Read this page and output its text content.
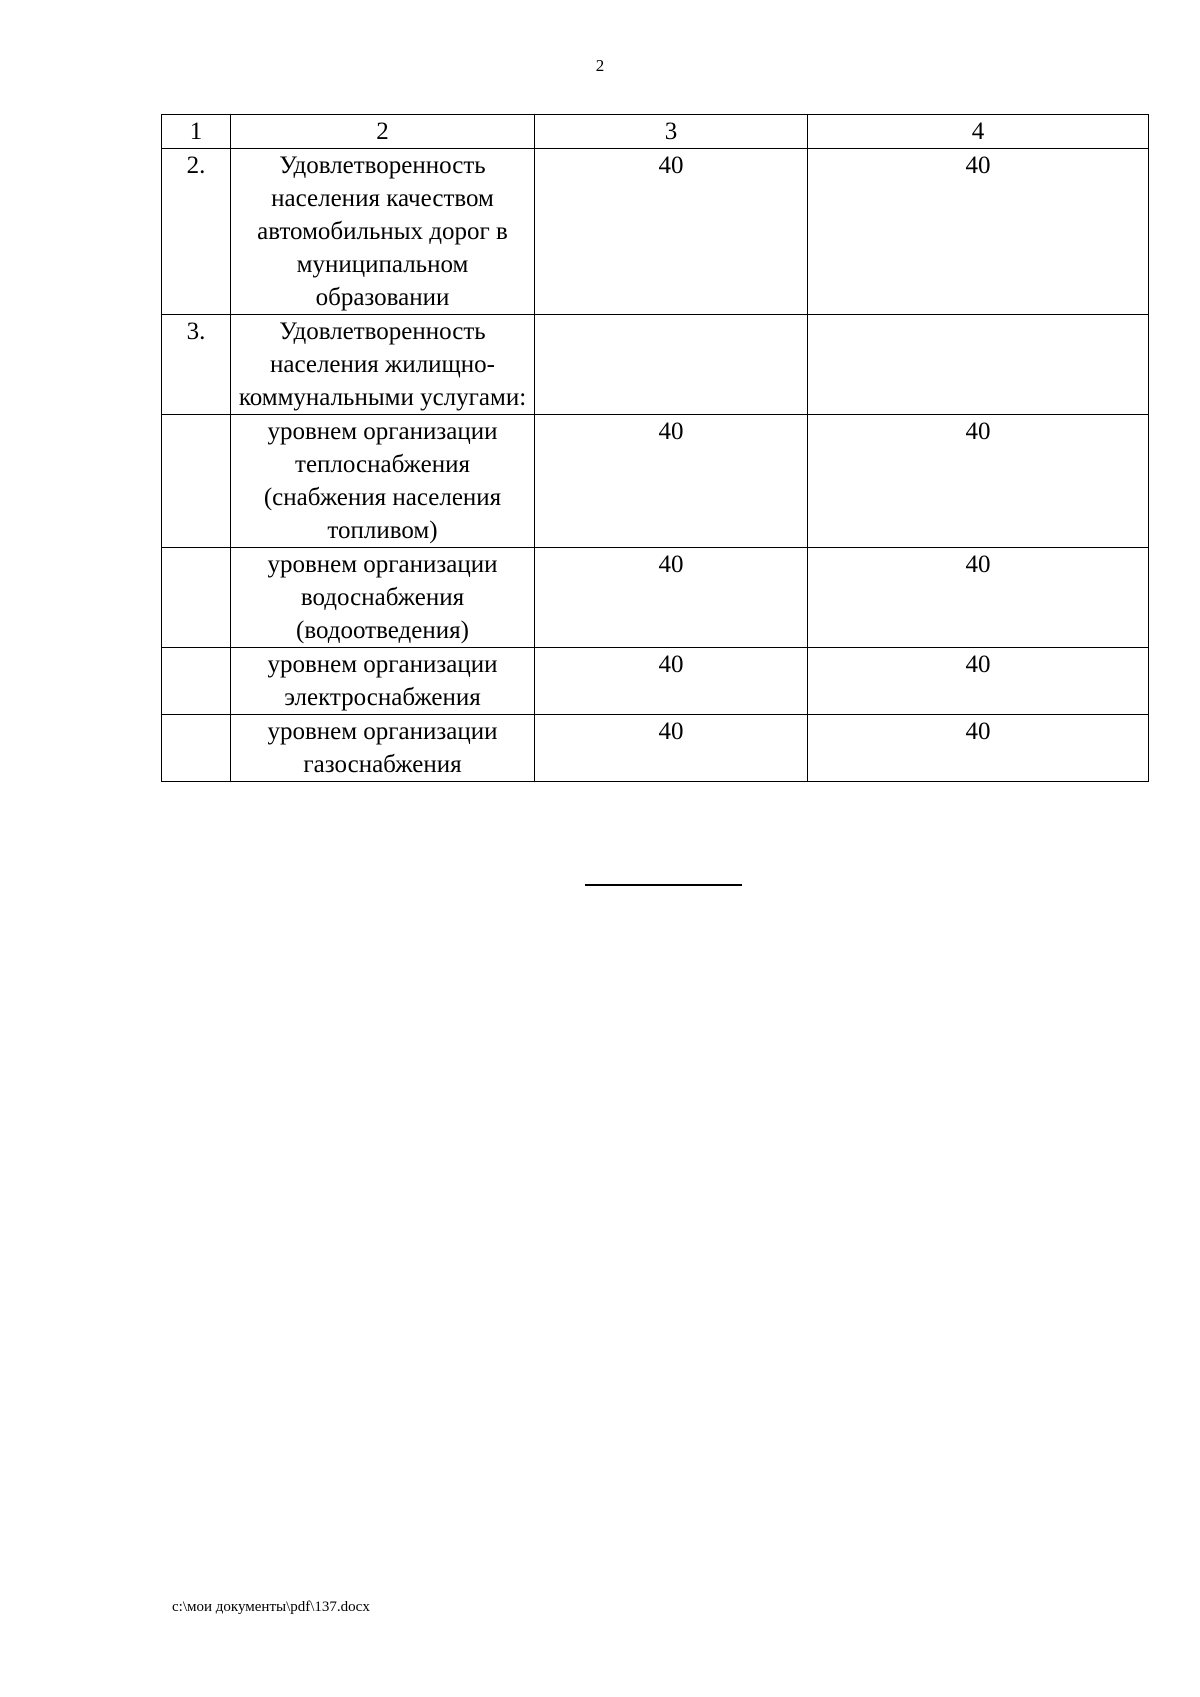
2
1	2	3	4
2.	Удовлетворенность населения качеством автомобильных дорог в муниципальном образовании	40	40
3.	Удовлетворенность населения жилищно-коммунальными услугами:		
	уровнем организации теплоснабжения (снабжения населения топливом)	40	40
	уровнем организации водоснабжения (водоотведения)	40	40
	уровнем организации электроснабжения	40	40
	уровнем организации газоснабжения	40	40
c:\мои документы\pdf\137.docx
